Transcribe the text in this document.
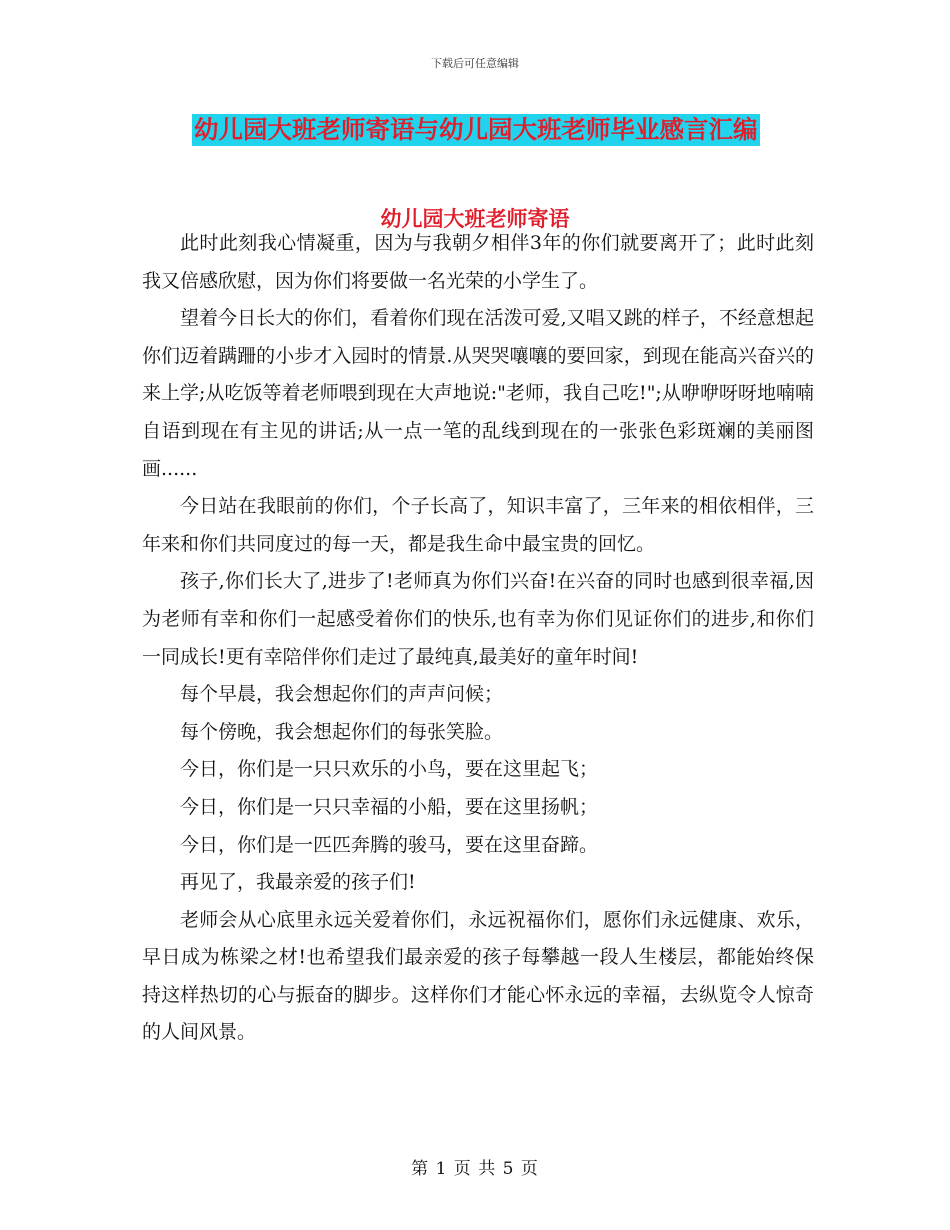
下载后可任意编辑
幼儿园大班老师寄语与幼儿园大班老师毕业感言汇编
幼儿园大班老师寄语

此时此刻我心情凝重，因为与我朝夕相伴3年的你们就要离开了；此时此刻我又倍感欣慰，因为你们将要做一名光荣的小学生了。

望着今日长大的你们，看着你们现在活泼可爱,又唱又跳的样子，不经意想起你们迈着蹒跚的小步才入园时的情景.从哭哭嚷嚷的要回家，到现在能高兴奋兴的来上学;从吃饭等着老师喂到现在大声地说:"老师，我自己吃!";从咿咿呀呀地喃喃自语到现在有主见的讲话;从一点一笔的乱线到现在的一张张色彩斑斓的美丽图画......

今日站在我眼前的你们，个子长高了，知识丰富了，三年来的相依相伴，三年来和你们共同度过的每一天，都是我生命中最宝贵的回忆。

孩子,你们长大了,进步了!老师真为你们兴奋!在兴奋的同时也感到很幸福,因为老师有幸和你们一起感受着你们的快乐,也有幸为你们见证你们的进步,和你们一同成长!更有幸陪伴你们走过了最纯真,最美好的童年时间!

每个早晨，我会想起你们的声声问候；

每个傍晚，我会想起你们的每张笑脸。

今日，你们是一只只欢乐的小鸟，要在这里起飞；

今日，你们是一只只幸福的小船，要在这里扬帆；

今日，你们是一匹匹奔腾的骏马，要在这里奋蹄。

再见了，我最亲爱的孩子们!

老师会从心底里永远关爱着你们，永远祝福你们，愿你们永远健康、欢乐，早日成为栋梁之材!也希望我们最亲爱的孩子每攀越一段人生楼层，都能始终保持这样热切的心与振奋的脚步。这样你们才能心怀永远的幸福，去纵览令人惊奇的人间风景。

第 1 页 共 5 页
